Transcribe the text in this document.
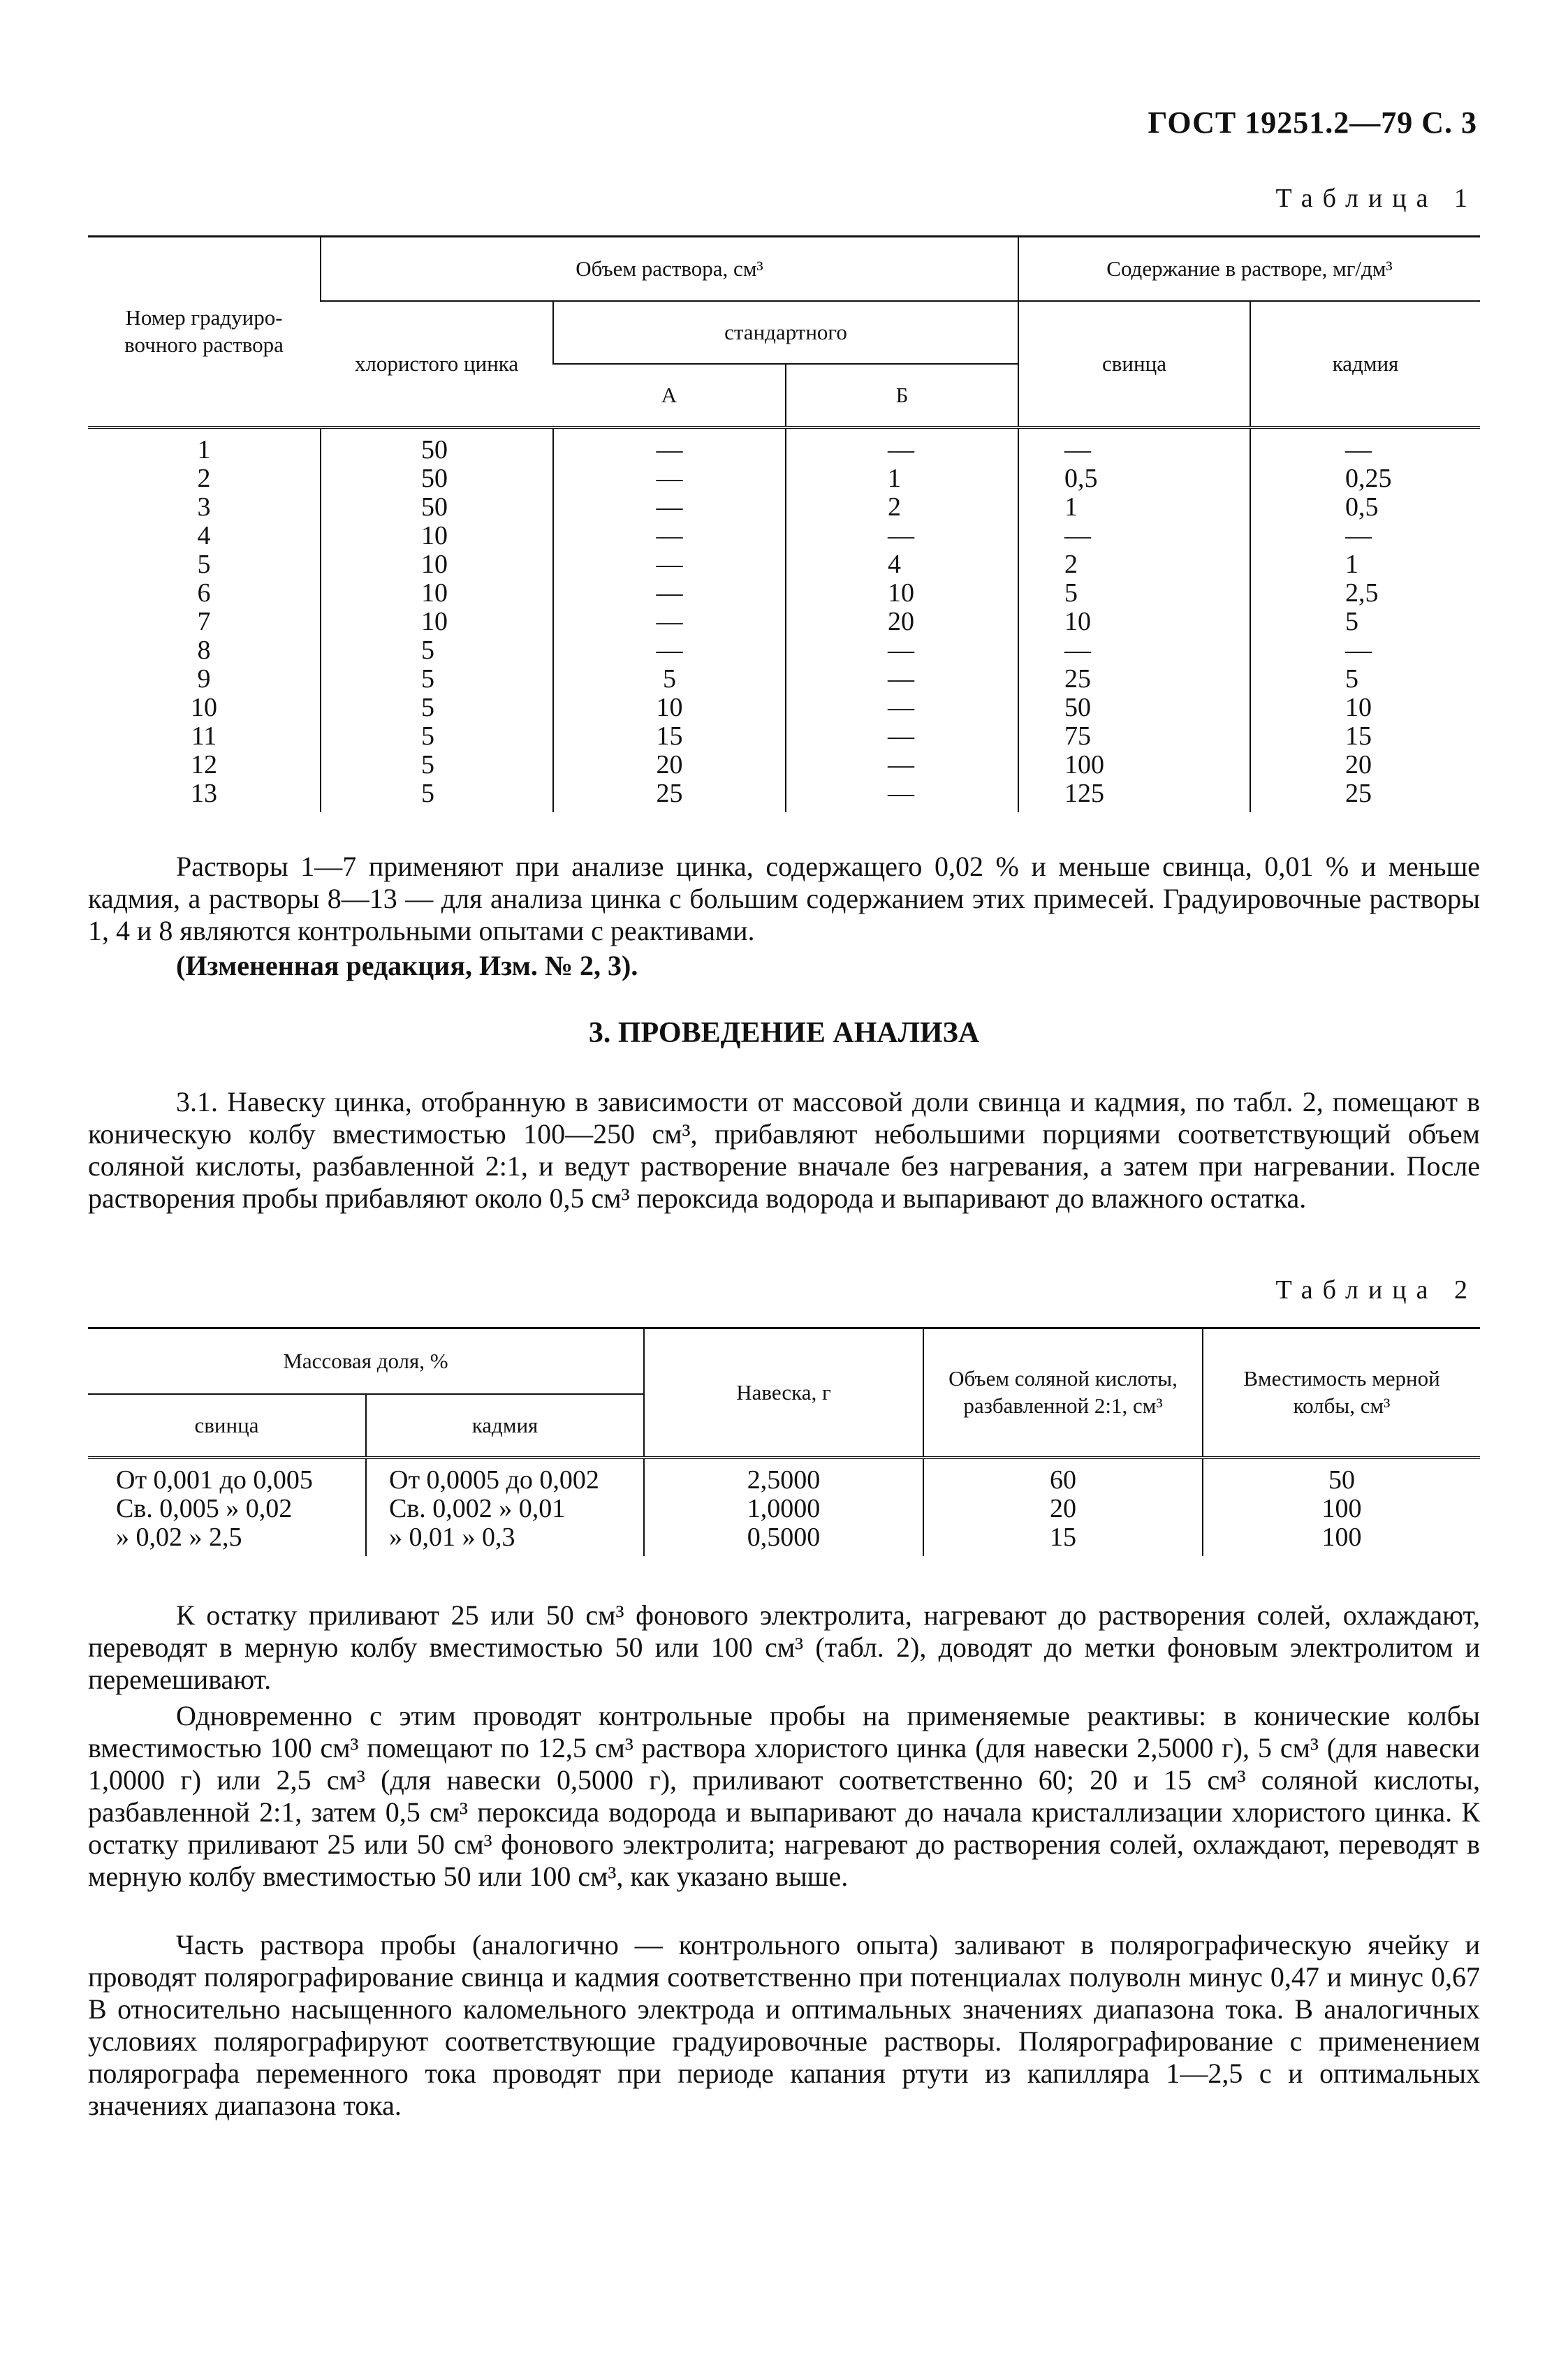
ГОСТ 19251.2—79 С. 3
Таблица 1
Номер градуиро-вочного раствора	Объем раствора, см³			Содержание в растворе, мг/дм³	
	хлористого цинка	стандартного		свинца	кадмия
		А	Б		
1	50	—	—	—	—
2	50	—	1	0,5	0,25
3	50	—	2	1	0,5
4	10	—	—	—	—
5	10	—	4	2	1
6	10	—	10	5	2,5
7	10	—	20	10	5
8	5	—	—	—	—
9	5	5	—	25	5
10	5	10	—	50	10
11	5	15	—	75	15
12	5	20	—	100	20
13	5	25	—	125	25

Растворы 1—7 применяют при анализе цинка, содержащего 0,02 % и меньше свинца, 0,01 % и меньше кадмия, а растворы 8—13 — для анализа цинка с большим содержанием этих примесей. Градуировочные растворы 1, 4 и 8 являются контрольными опытами с реактивами.

(Измененная редакция, Изм. № 2, 3).

3. ПРОВЕДЕНИЕ АНАЛИЗА

3.1. Навеску цинка, отобранную в зависимости от массовой доли свинца и кадмия, по табл. 2, помещают в коническую колбу вместимостью 100—250 см³, прибавляют небольшими порциями соответствующий объем соляной кислоты, разбавленной 2:1, и ведут растворение вначале без нагревания, а затем при нагревании. После растворения пробы прибавляют около 0,5 см³ пероксида водорода и выпаривают до влажного остатка.

Таблица 2
Массовая доля, %		Навеска, г	Объем соляной кислоты, разбавленной 2:1, см³	Вместимость мерной колбы, см³
свинца	кадмия			
От 0,001 до 0,005	От 0,0005 до 0,002	2,5000	60	50
Св. 0,005 » 0,02	Св. 0,002 » 0,01	1,0000	20	100
» 0,02 » 2,5	» 0,01 » 0,3	0,5000	15	100

К остатку приливают 25 или 50 см³ фонового электролита, нагревают до растворения солей, охлаждают, переводят в мерную колбу вместимостью 50 или 100 см³ (табл. 2), доводят до метки фоновым электролитом и перемешивают.

Одновременно с этим проводят контрольные пробы на применяемые реактивы: в конические колбы вместимостью 100 см³ помещают по 12,5 см³ раствора хлористого цинка (для навески 2,5000 г), 5 см³ (для навески 1,0000 г) или 2,5 см³ (для навески 0,5000 г), приливают соответственно 60; 20 и 15 см³ соляной кислоты, разбавленной 2:1, затем 0,5 см³ пероксида водорода и выпаривают до начала кристаллизации хлористого цинка. К остатку приливают 25 или 50 см³ фонового электролита; нагревают до растворения солей, охлаждают, переводят в мерную колбу вместимостью 50 или 100 см³, как указано выше.

Часть раствора пробы (аналогично — контрольного опыта) заливают в полярографическую ячейку и проводят полярографирование свинца и кадмия соответственно при потенциалах полуволн минус 0,47 и минус 0,67 В относительно насыщенного каломельного электрода и оптимальных значениях диапазона тока. В аналогичных условиях полярографируют соответствующие градуировочные растворы. Полярографирование с применением полярографа переменного тока проводят при периоде капания ртути из капилляра 1—2,5 с и оптимальных значениях диапазона тока.
